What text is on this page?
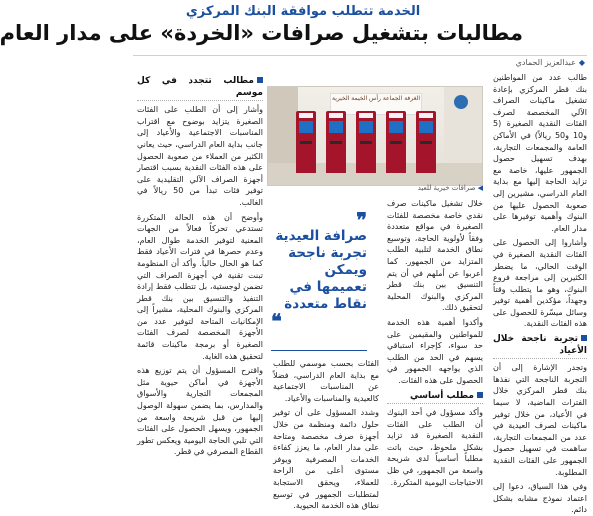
الخدمة تتطلب موافقة البنك المركزي
مطالبات بتشغيل صرافات «الخردة» على مدار العام
◆عبدالعزيز الحمادي

طالب عدد من المواطنين بنك قطر المركزي بإعادة تشغيل ماكينات الصراف الآلي المخصصة لصرف الفئات النقدية الصغيرة (5 و10 و50 ريالاً) في الأماكن العامة والمجمعات التجارية، بهدف تسهيل حصول الجمهور عليها، خاصة مع تزايد الحاجة إليها مع بداية العام الدراسي، مشيرين إلى صعوبة الحصول عليها من البنوك وأهمية توفيرها على مدار العام.

وأشاروا إلى الحصول على الفئات النقدية الصغيرة في الوقت الحالي، ما يضطر الكثيرين إلى مراجعة فروع البنوك، وهو ما يتطلب وقتاً وجهداً، مؤكدين أهمية توفير وسائل ميسّرة للحصول على هذه الفئات النقدية.

تجربة ناجحة خلال الأعياد

وتجدر الإشارة إلى أن التجربة الناجحة التي نفذها بنك قطر المركزي خلال الفترات الماضية، لا سيما في الأعياد، من خلال توفير ماكينات لصرف العيدية في عدد من المجمعات التجارية، ساهمت في تسهيل حصول الجمهور على الفئات النقدية المطلوبة.

وفي هذا السياق، دعوا إلى اعتماد نموذج مشابه بشكل دائم.

الغرفة الجماعة رأس الخيمة الخيرية
◀صرافات خيرية للعيد

خلال تشغيل ماكينات صرف نقدي خاصة مخصصة للفئات الصغيرة في مواقع متعددة وفقاً لأولوية الحاجة، وتوسيع نطاق الخدمة لتلبية الطلب المتزايد من الجمهور. كما أعربوا عن أملهم في أن يتم التنسيق بين بنك قطر المركزي والبنوك المحلية لتحقيق ذلك.

وأكدوا أهمية هذه الخدمة للمواطنين والمقيمين على حد سواء، كإجراء استباقي يسهم في الحد من الطلب الذي يواجهه الجمهور في الحصول على هذه الفئات.

مطلب أساسي

وأكد مسؤول في أحد البنوك أن الطلب على الفئات النقدية الصغيرة قد تزايد بشكل ملحوظ، حيث باتت مطلباً أساسياً لدى شريحة واسعة من الجمهور، في ظل الاحتياجات اليومية المتكررة.

❞
صرافة العيدية تجربة ناجحة ويمكن تعميمها في نقاط متعددة
❝

الفئات بحسب موسمي للطلب مع بداية العام الدراسي، فضلاً عن المناسبات الاجتماعية كالعيدية والمناسبات والأعياد.

وشدد المسؤول على أن توفير حلول دائمة ومنظمة من خلال أجهزة صرف مخصصة ومتاحة على مدار العام، ما يعزز كفاءة الخدمات المصرفية ويوفر مستوى أعلى من الراحة للعملاء، ويحقق الاستجابة لمتطلبات الجمهور في توسيع نطاق هذه الخدمة الحيوية.

مطالب تتجدد في كل موسم

وأشار إلى أن الطلب على الفئات الصغيرة يتزايد بوضوح مع اقتراب المناسبات الاجتماعية والأعياد إلى جانب بداية العام الدراسي، حيث يعاني الكثير من العملاء من صعوبة الحصول على هذه الفئات النقدية بسبب اقتصار أجهزة الصراف الآلي التقليدية على توفير فئات تبدأ من 50 ريالاً في الغالب.

وأوضح أن هذه الحالة المتكررة تستدعي تحركاً فعالاً من الجهات المعنية لتوفير الخدمة طوال العام، وعدم حصرها في فترات الأعياد فقط كما هو الحال حالياً. وأكد أن المنظومة تبنت تقنية في أجهزة الصراف التي تضمن لوجستية، بل تتطلب فقط إرادة التنفيذ والتنسيق بين بنك قطر المركزي والبنوك المحلية، مشيراً إلى الإمكانيات المتاحة لتوفير عدد من الأجهزة المخصصة لصرف الفئات الصغيرة أو برمجة ماكينات قائمة لتحقيق هذه الغاية.

واقترح المسؤول أن يتم توزيع هذه الأجهزة في أماكن حيوية مثل المجمعات التجارية والأسواق والمدارس، بما يضمن سهولة الوصول إليها من قبل شريحة واسعة من الجمهور، ويسهل الحصول على الفئات التي تلبي الحاجة اليومية ويعكس تطور القطاع المصرفي في قطر.
